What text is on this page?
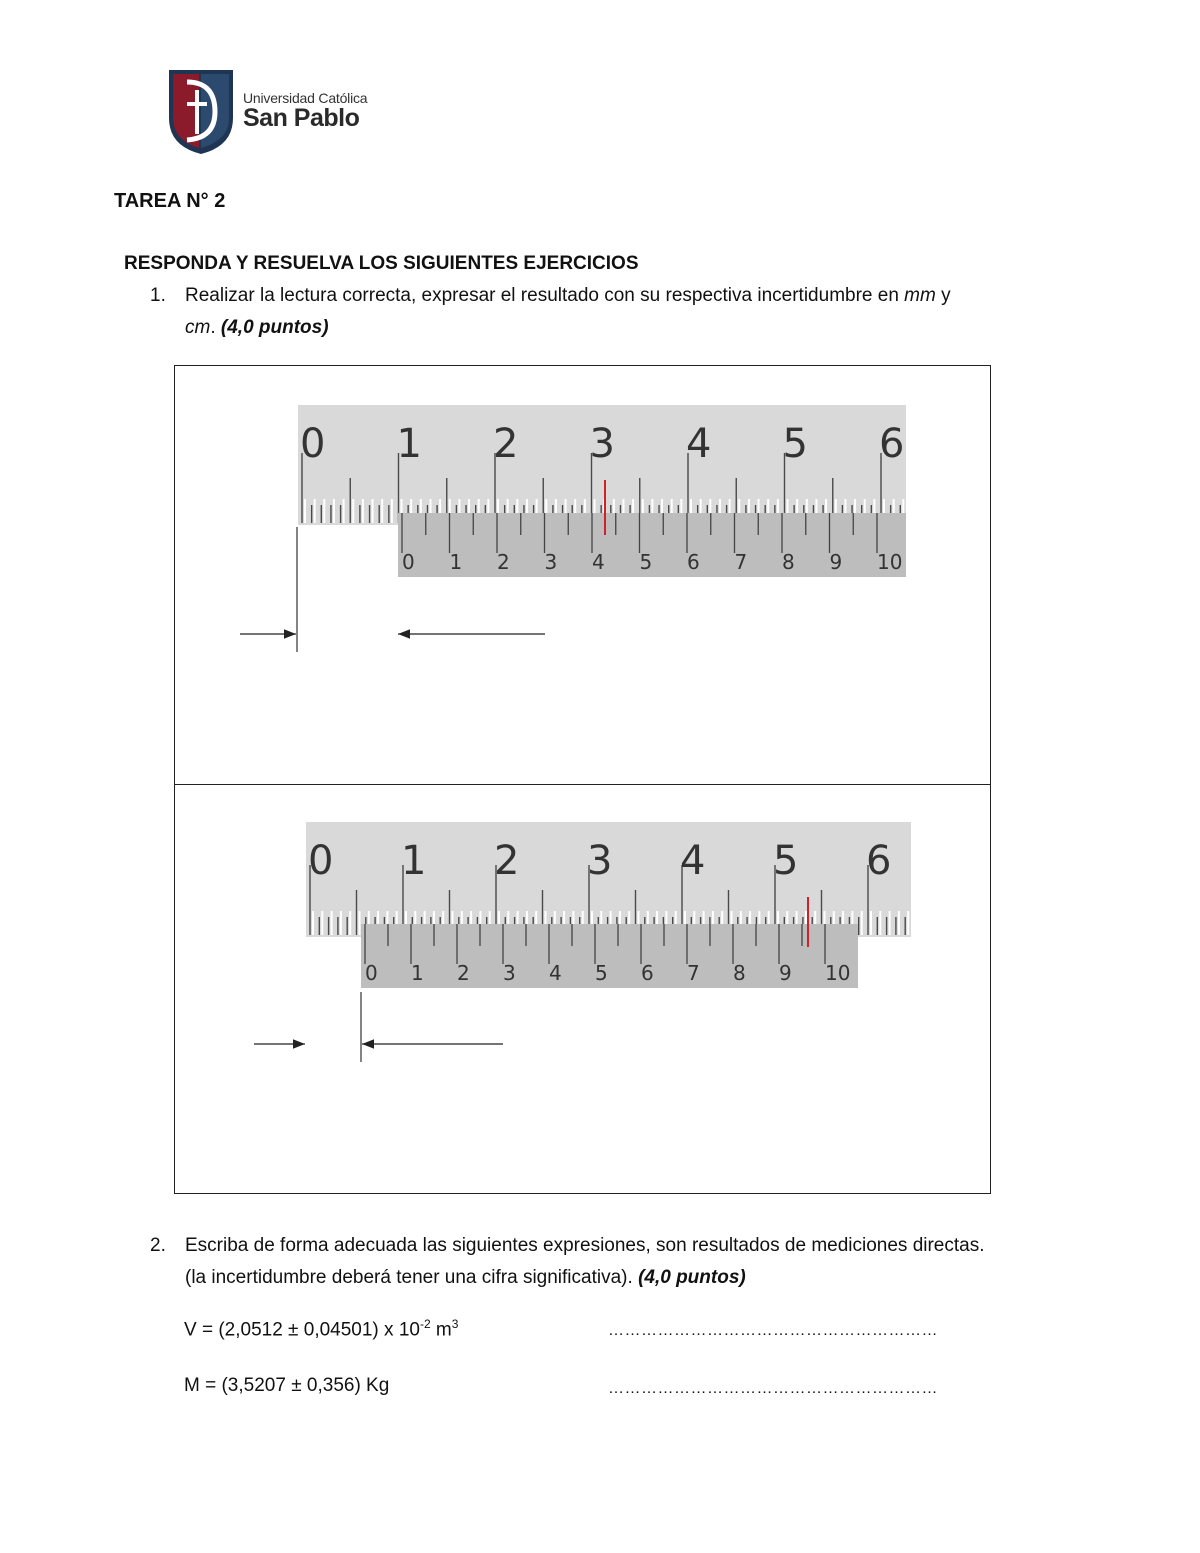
Universidad Católica
San Pablo
TAREA N° 2
RESPONDA Y RESUELVA LOS SIGUIENTES EJERCICIOS
1.	Realizar la lectura correcta, expresar el resultado con su respectiva incertidumbre en mm y
cm. (4,0 puntos)
0 1 2 3 4 5 6
0 1 2 3 4 5 6 7 8 9 10
0 1 2 3 4 5 6
0 1 2 3 4 5 6 7 8 9 10
2.	Escriba de forma adecuada las siguientes expresiones, son resultados de mediciones directas.
(la incertidumbre deberá tener una cifra significativa). (4,0 puntos)
V = (2,0512 ± 0,04501) x $10^{-2}$ $m^3$	……………………………………………………
M = (3,5207 ± 0,356) Kg	……………………………………………………
